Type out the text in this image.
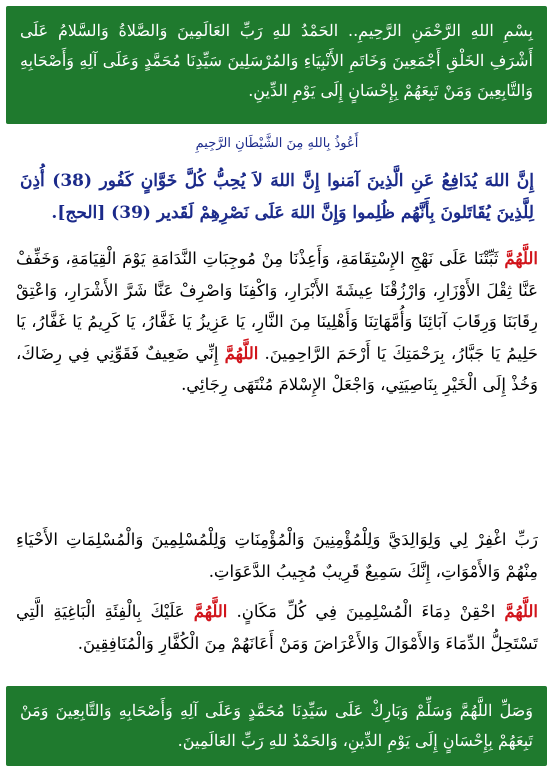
بِسْمِ اللهِ الرَّحْمَنِ الرَّحِيمِ.. الحَمْدُ للهِ رَبِّ العَالَمِينَ وَالصَّلاةُ وَالسَّلامُ عَلَى أَشْرَفِ الخَلْقِ أَجْمَعِينَ وَخَاتَمِ الأَنْبِيَاءِ وَالمُرْسَلِينَ سَيِّدِنَا مُحَمَّدٍ وَعَلَى آلِهِ وَأَصْحَابِهِ وَالتَّابِعِينَ وَمَنْ تَبِعَهُمْ بِإِحْسَانٍ إِلَى يَوْمِ الدِّينِ.

أَعُوذُ بِاللهِ مِنَ الشَّيْطَانِ الرَّجِيمِ
إِنَّ اللهَ يُدَافِعُ عَنِ الَّذِينَ آمَنوا إِنَّ اللهَ لاَ يُحِبُّ كُلَّ خَوَّانٍ كَفُور (38) أُذِنَ لِلَّذِينَ يُقَاتَلونَ بِأَنَّهُم ظُلِموا وَإِنَّ اللهَ عَلَى نَصْرِهِمْ لَقَدير (39) [الحج].
اللَّهُمَّ ثَبِّتْنَا عَلَى نَهْجِ الإِسْتِقَامَةِ، وَأَعِذْنَا مِنْ مُوجِبَاتِ النَّدَامَةِ يَوْمَ الْقِيَامَةِ، وَخَفِّفْ عَنَّا ثِقْلَ الأَوْزَارِ، وَارْزُقْنَا عِيشَةَ الأَبْرَارِ، وَاكْفِنَا وَاصْرِفْ عَنَّا شَرَّ الأَشْرَارِ، وَاعْتِقْ رِقَابَنَا وَرِقَابَ آبَائِنَا وَأُمَّهَاتِنَا وَأَهْلِينَا مِنَ النَّارِ، يَا عَزِيزُ يَا غَفَّارُ، يَا كَرِيمُ يَا غَفَّارُ، يَا حَلِيمُ يَا جَبَّارُ، بِرَحْمَتِكَ يَا أَرْحَمَ الرَّاحِمِينَ. اللَّهُمَّ إِنِّي ضَعِيفٌ فَقَوِّنِي فِي رِضَاكَ، وَخُذْ إِلَى الْخَيْرِ بِنَاصِيَتِي، وَاجْعَلْ الإِسْلامَ مُنْتَهَى رِجَائِي.
رَبِّ اغْفِرْ لِي وَلِوَالِدَيَّ وَلِلْمُؤْمِنِينَ وَالْمُؤْمِنَاتِ وَلِلْمُسْلِمِينَ وَالْمُسْلِمَاتِ الأَحْيَاءِ مِنْهُمْ وَالأَمْوَاتِ، إِنَّكَ سَمِيعٌ قَرِيبٌ مُجِيبُ الدَّعَوَاتِ.
اللَّهُمَّ احْقِنْ دِمَاءَ الْمُسْلِمِينَ فِي كُلِّ مَكَانٍ. اللَّهُمَّ عَلَيْكَ بِالْفِئَةِ الْبَاغِيَةِ الَّتِي تَسْتَحِلُّ الدِّمَاءَ وَالأَمْوَالَ وَالأَعْرَاضَ وَمَنْ أَعَانَهُمْ مِنَ الْكُفَّارِ وَالْمُنَافِقِينَ.

وَصَلِّ اللَّهُمَّ وَسَلِّمْ وَبَارِكْ عَلَى سَيِّدِنَا مُحَمَّدٍ وَعَلَى آلِهِ وَأَصْحَابِهِ وَالتَّابِعِينَ وَمَنْ تَبِعَهُمْ بِإِحْسَانٍ إِلَى يَوْمِ الدِّينِ، وَالحَمْدُ للهِ رَبِّ العَالَمِينَ.
